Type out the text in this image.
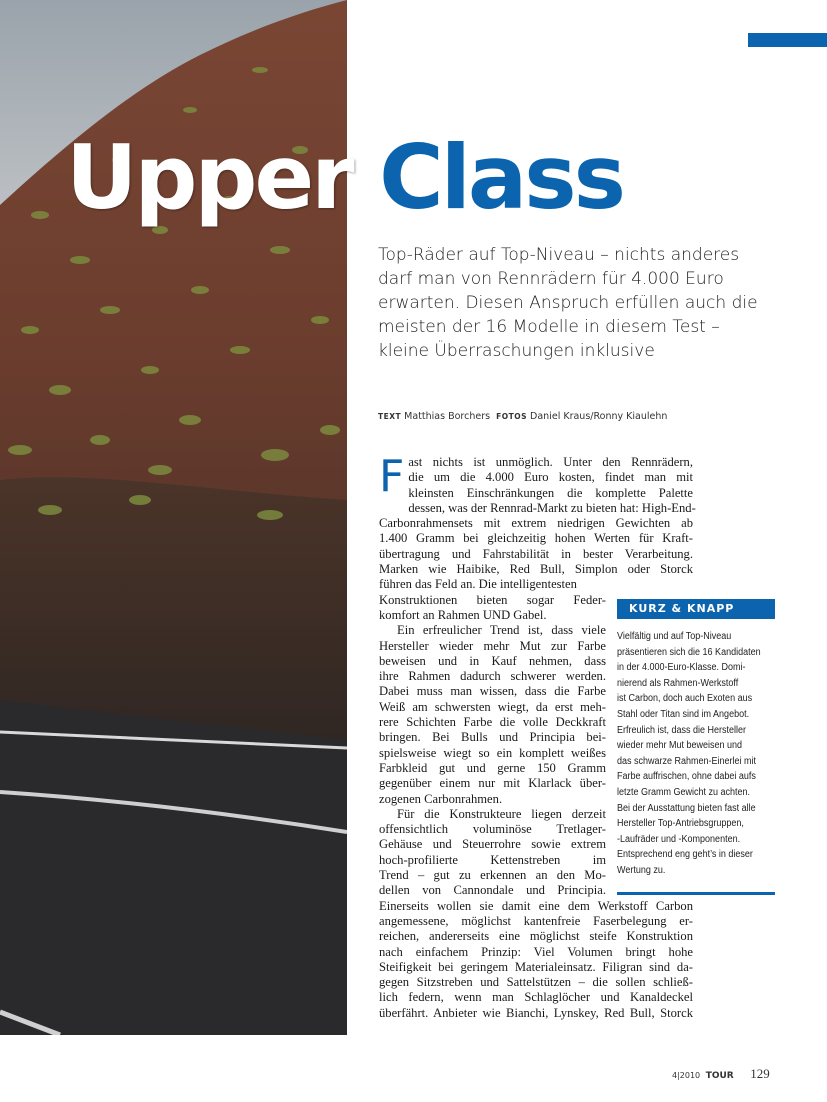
Upper Class

Top-Räder auf Top-Niveau – nichts anderes
darf man von Rennrädern für 4.000 Euro
erwarten. Diesen Anspruch erfüllen auch die
meisten der 16 Modelle in diesem Test –
kleine Überraschungen inklusive

TEXT Matthias Borchers FOTOS Daniel Kraus/Ronny Kiaulehn
F ast nichts ist unmöglich. Unter den Rennrädern,
die um die 4.000 Euro kosten, findet man mit
kleinsten Einschränkungen die komplette Palette
dessen, was der Rennrad-Markt zu bieten hat: High-End-
Carbonrahmensets mit extrem niedrigen Gewichten ab
1.400 Gramm bei gleichzeitig hohen Werten für Kraft-
übertragung und Fahrstabilität in bester Verarbeitung.
Marken wie Haibike, Red Bull, Simplon oder Storck
führen das Feld an. Die intelligentesten
Konstruktionen bieten sogar Feder-
komfort an Rahmen UND Gabel.
Ein erfreulicher Trend ist, dass viele
Hersteller wieder mehr Mut zur Farbe
beweisen und in Kauf nehmen, dass
ihre Rahmen dadurch schwerer werden.
Dabei muss man wissen, dass die Farbe
Weiß am schwersten wiegt, da erst meh-
rere Schichten Farbe die volle Deckkraft
bringen. Bei Bulls und Principia bei-
spielsweise wiegt so ein komplett weißes
Farbkleid gut und gerne 150 Gramm
gegenüber einem nur mit Klarlack über-
zogenen Carbonrahmen.
Für die Konstrukteure liegen derzeit
offensichtlich voluminöse Tretlager-
Gehäuse und Steuerrohre sowie extrem
hoch-profilierte Kettenstreben im
Trend – gut zu erkennen an den Mo-
dellen von Cannondale und Principia.
Einerseits wollen sie damit eine dem Werkstoff Carbon
angemessene, möglichst kantenfreie Faserbelegung er-
reichen, andererseits eine möglichst steife Konstruktion
nach einfachem Prinzip: Viel Volumen bringt hohe
Steifigkeit bei geringem Materialeinsatz. Filigran sind da-
gegen Sitzstreben und Sattelstützen – die sollen schließ-
lich federn, wenn man Schlaglöcher und Kanaldeckel
überfährt. Anbieter wie Bianchi, Lynskey, Red Bull, Storck
KURZ & KNAPP
Vielfältig und auf Top-Niveau
präsentieren sich die 16 Kandidaten
in der 4.000-Euro-Klasse. Domi-
nierend als Rahmen-Werkstoff
ist Carbon, doch auch Exoten aus
Stahl oder Titan sind im Angebot.
Erfreulich ist, dass die Hersteller
wieder mehr Mut beweisen und
das schwarze Rahmen-Einerlei mit
Farbe auffrischen, ohne dabei aufs
letzte Gramm Gewicht zu achten.
Bei der Ausstattung bieten fast alle
Hersteller Top-Antriebsgruppen,
-Laufräder und -Komponenten.
Entsprechend eng geht’s in dieser
Wertung zu.
4|2010 TOUR 129
